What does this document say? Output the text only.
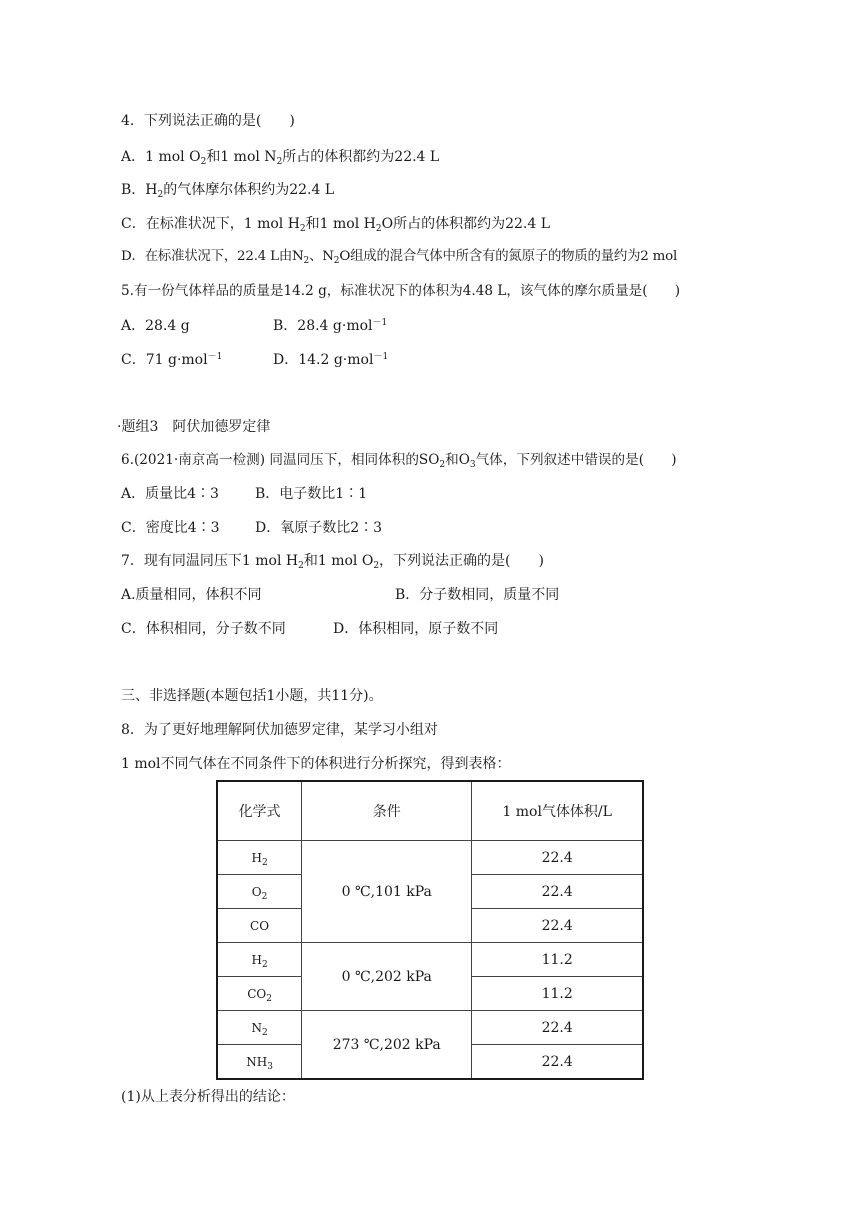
4．下列说法正确的是(　　)
A．1 mol $O_2$和1 mol $N_2$所占的体积都约为22.4 L
B．$H_2$的气体摩尔体积约为22.4 L
C．在标准状况下，1 mol $H_2$和1 mol $H_2O$所占的体积都约为22.4 L
D．在标准状况下，22.4 L由$N_2$、$N_2O$组成的混合气体中所含有的氮原子的物质的量约为2 mol
5.有一份气体样品的质量是14.2 g，标准状况下的体积为4.48 L，该气体的摩尔质量是(　　)
A．28.4 g	B．28.4 g·mol$^{-1}$
C．71 g·mol$^{-1}$	D．14.2 g·mol$^{-1}$
·题组3　阿伏加德罗定律
6.(2021·南京高一检测) 同温同压下，相同体积的$SO_2$和$O_3$气体，下列叙述中错误的是(　　)
A．质量比4∶3	B．电子数比1∶1
C．密度比4∶3	D．氧原子数比2∶3
7．现有同温同压下1 mol $H_2$和1 mol $O_2$，下列说法正确的是(　　)
A.质量相同，体积不同	B．分子数相同，质量不同
C．体积相同，分子数不同	D．体积相同，原子数不同
三、非选择题(本题包括1小题，共11分)。
8．为了更好地理解阿伏加德罗定律，某学习小组对
1 mol不同气体在不同条件下的体积进行分析探究，得到表格：
化学式	条件	1 mol气体体积/L
$H_2$	0 ℃,101 kPa	22.4
$O_2$		22.4
CO		22.4
$H_2$	0 ℃,202 kPa	11.2
$CO_2$		11.2
$N_2$	273 ℃,202 kPa	22.4
$NH_3$		22.4
(1)从上表分析得出的结论：
